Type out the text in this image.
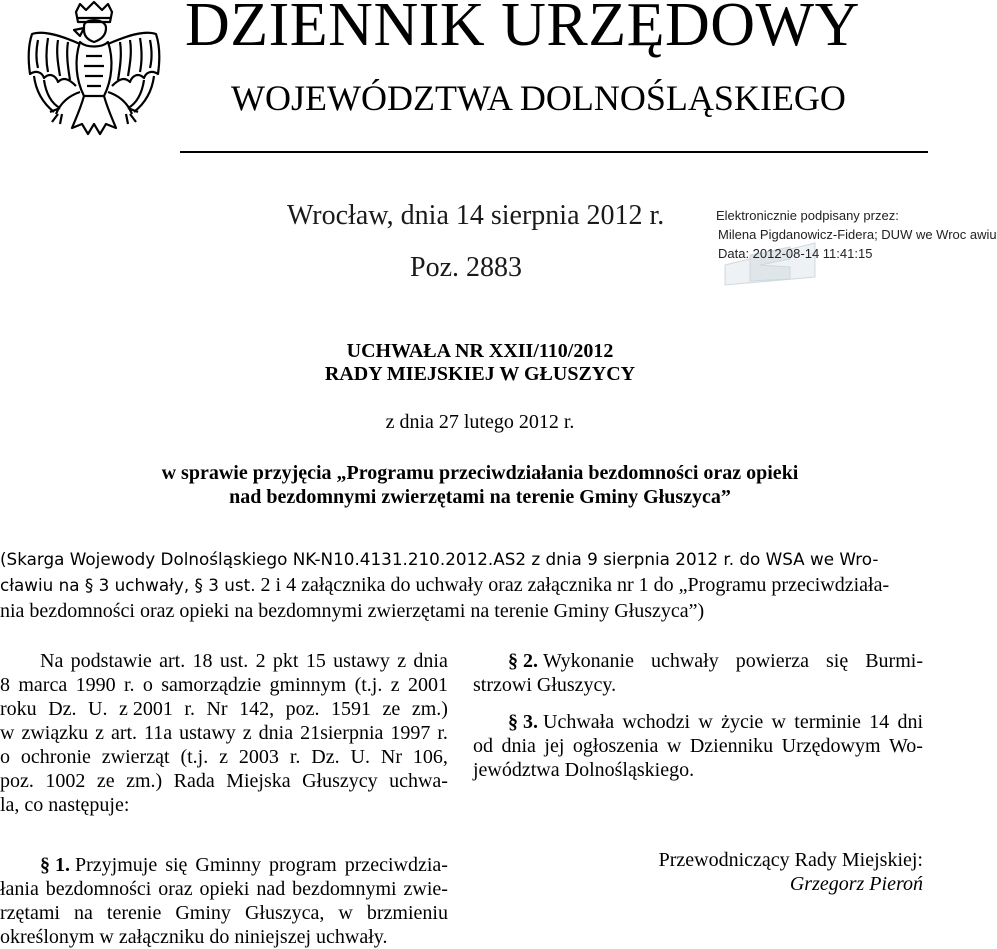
DZIENNIK URZĘDOWY
WOJEWÓDZTWA DOLNOŚLĄSKIEGO
Wrocław, dnia 14 sierpnia 2012 r.
Poz. 2883
Elektronicznie podpisany przez:
Milena Pigdanowicz-Fidera; DUW we Wroc awiu
Data: 2012-08-14 11:41:15
UCHWAŁA NR XXII/110/2012
RADY MIEJSKIEJ W GŁUSZYCY
z dnia 27 lutego 2012 r.
w sprawie przyjęcia „Programu przeciwdziałania bezdomności oraz opieki
nad bezdomnymi zwierzętami na terenie Gminy Głuszyca”
(Skarga Wojewody Dolnośląskiego NK-N10.4131.210.2012.AS2 z dnia 9 sierpnia 2012 r. do WSA we Wro-
cławiu na § 3 uchwały, § 3 ust. 2 i 4 załącznika do uchwały oraz załącznika nr 1 do „Programu przeciwdziała-
nia bezdomności oraz opieki na bezdomnymi zwierzętami na terenie Gminy Głuszyca”)
Na podstawie art. 18 ust. 2 pkt 15 ustawy z dnia
8 marca 1990 r. o samorządzie gminnym (t.j. z 2001
roku Dz. U. z 2001 r. Nr 142, poz. 1591 ze zm.)
w związku z art. 11a ustawy z dnia 21sierpnia 1997 r.
o ochronie zwierząt (t.j. z 2003 r. Dz. U. Nr 106,
poz. 1002 ze zm.) Rada Miejska Głuszycy uchwa-
la, co następuje:
§ 1. Przyjmuje się Gminny program przeciwdzia-
łania bezdomności oraz opieki nad bezdomnymi zwie-
rzętami na terenie Gminy Głuszyca, w brzmieniu
określonym w załączniku do niniejszej uchwały.
§ 2. Wykonanie uchwały powierza się Burmi-
strzowi Głuszycy.
§ 3. Uchwała wchodzi w życie w terminie 14 dni
od dnia jej ogłoszenia w Dzienniku Urzędowym Wo-
jewództwa Dolnośląskiego.
Przewodniczący Rady Miejskiej:
Grzegorz Pieroń
